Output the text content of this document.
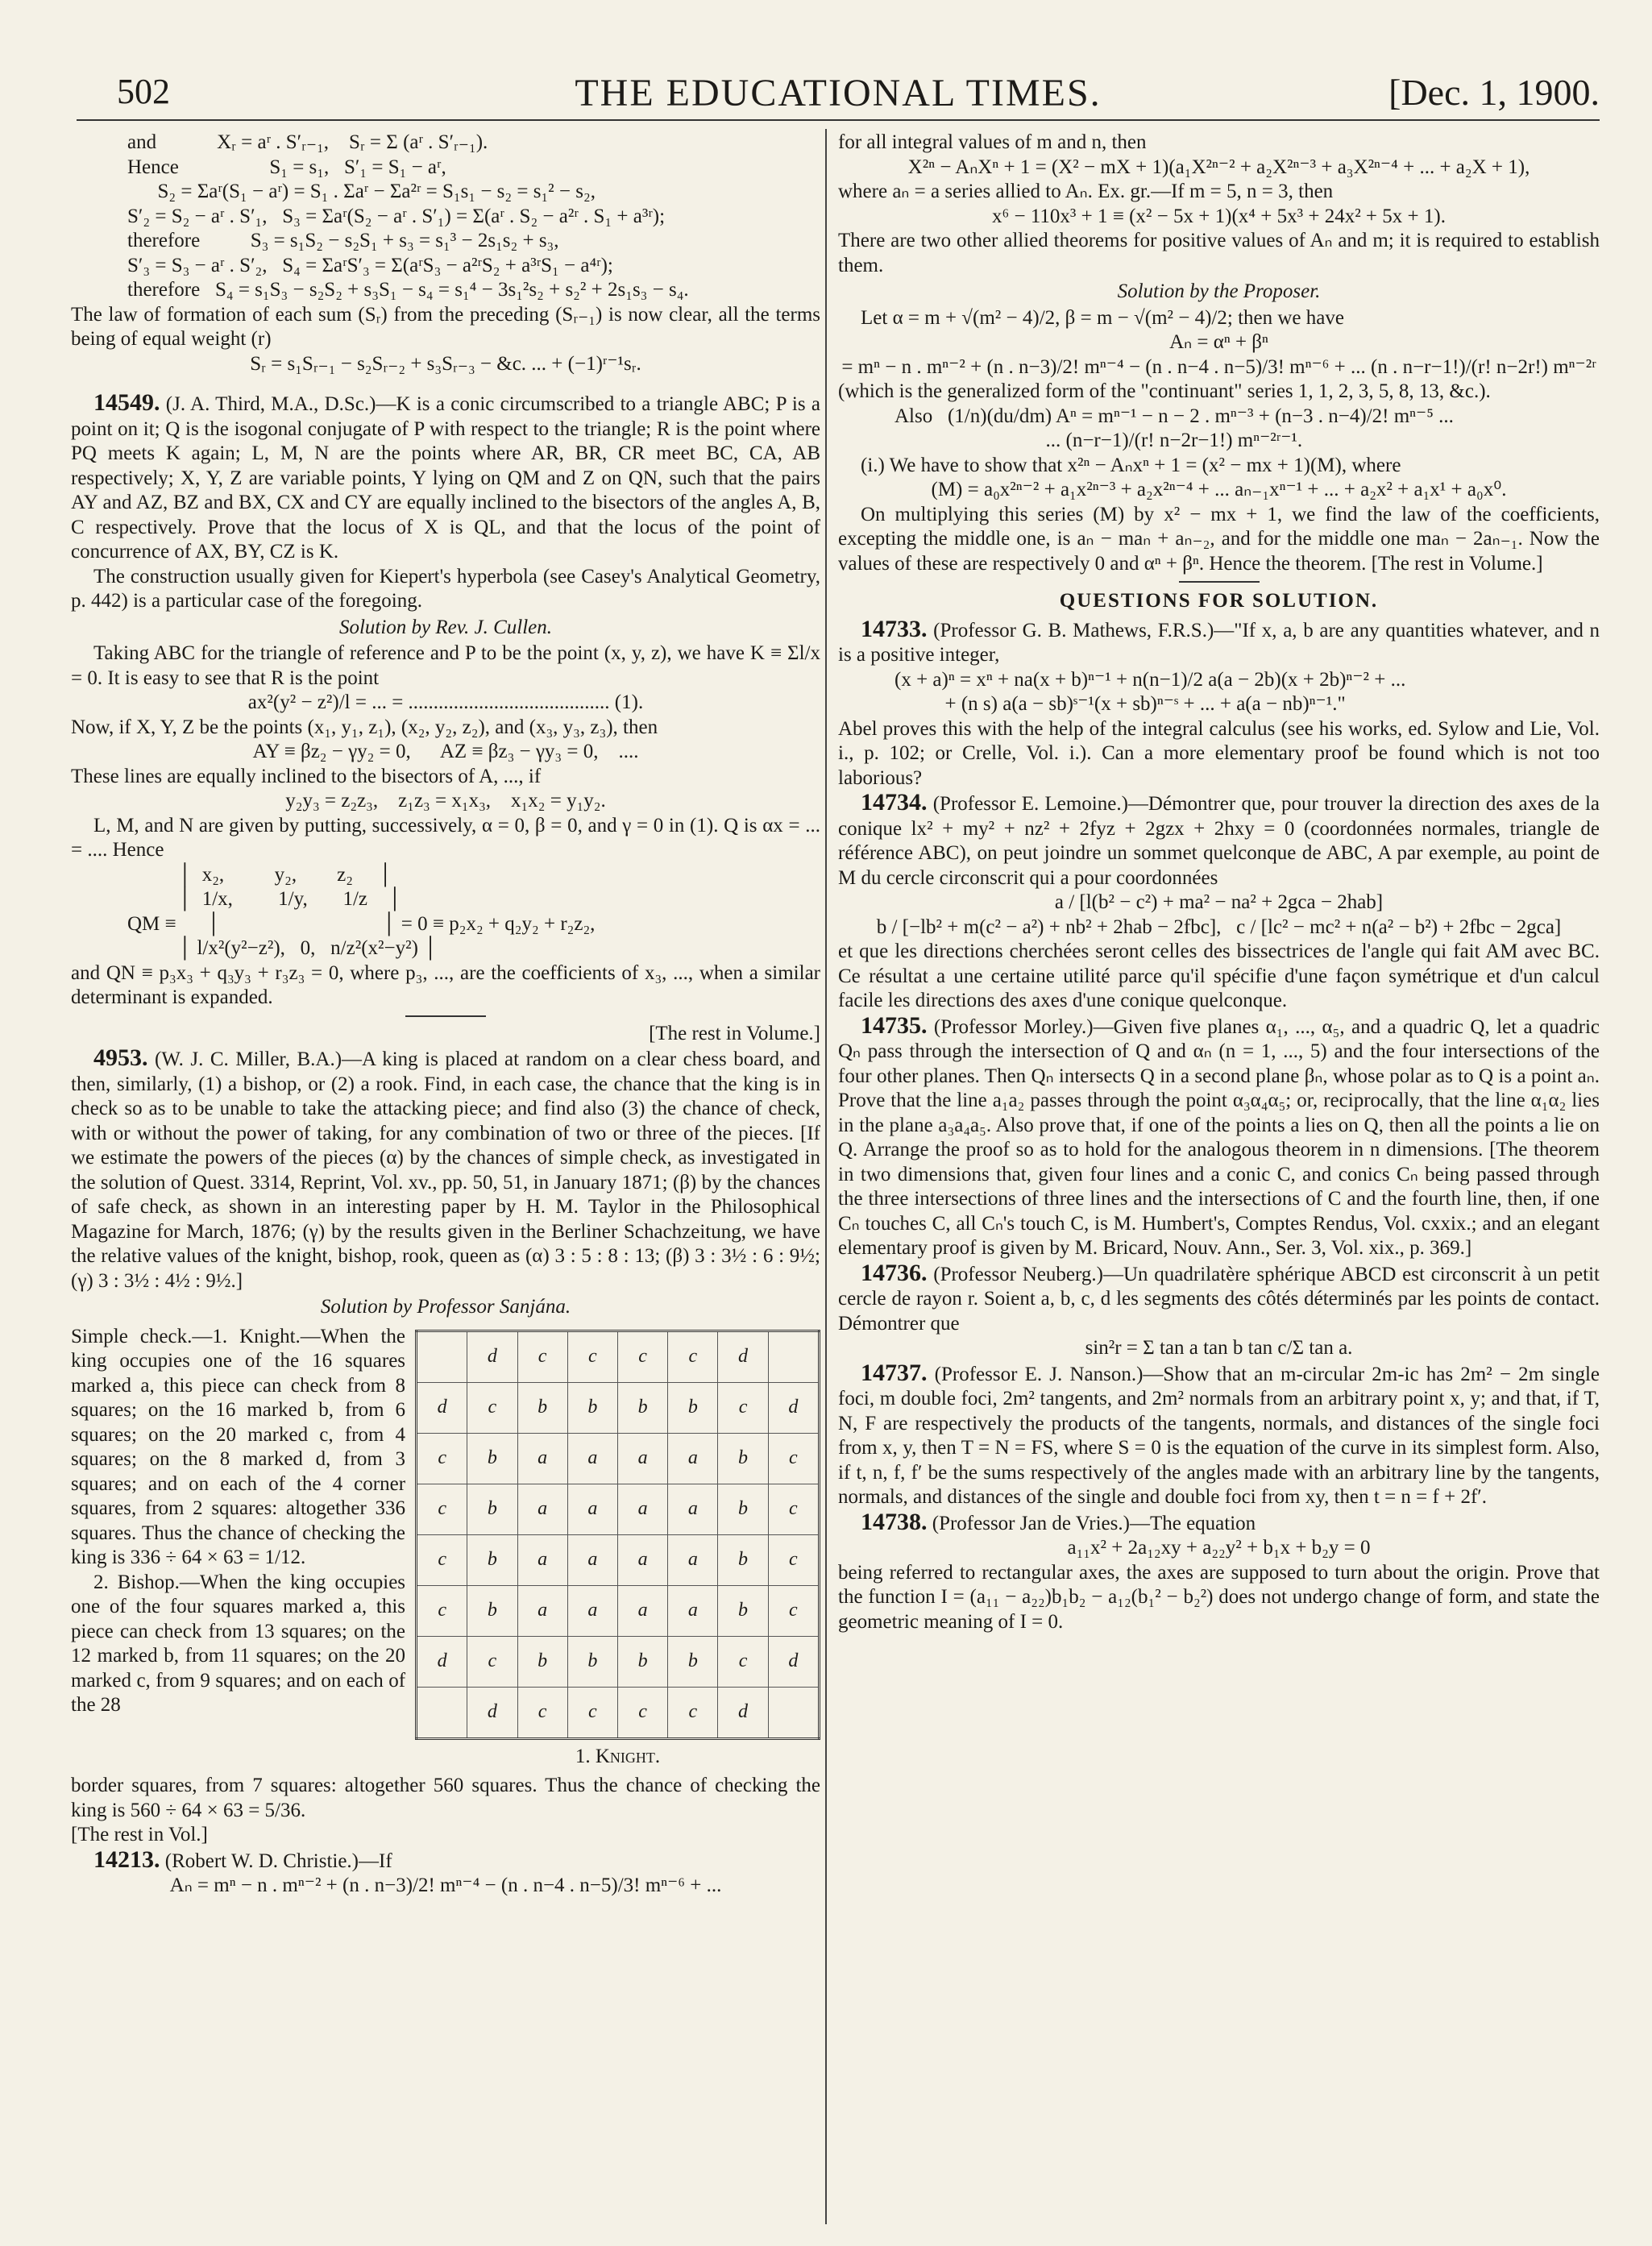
502	THE EDUCATIONAL TIMES.	[Dec. 1, 1900.

and            Xᵣ = aʳ . S′ᵣ₋₁,    Sᵣ = Σ (aʳ . S′ᵣ₋₁).

Hence                  S₁ = s₁,   S′₁ = S₁ − aʳ,

S₂ = Σaʳ(S₁ − aʳ) = S₁ . Σaʳ − Σa²ʳ = S₁s₁ − s₂ = s₁² − s₂,

S′₂ = S₂ − aʳ . S′₁,   S₃ = Σaʳ(S₂ − aʳ . S′₁) = Σ(aʳ . S₂ − a²ʳ . S₁ + a³ʳ);

therefore          S₃ = s₁S₂ − s₂S₁ + s₃ = s₁³ − 2s₁s₂ + s₃,

S′₃ = S₃ − aʳ . S′₂,   S₄ = ΣaʳS′₃ = Σ(aʳS₃ − a²ʳS₂ + a³ʳS₁ − a⁴ʳ);

therefore   S₄ = s₁S₃ − s₂S₂ + s₃S₁ − s₄ = s₁⁴ − 3s₁²s₂ + s₂² + 2s₁s₃ − s₄.

The law of formation of each sum (Sᵣ) from the preceding (Sᵣ₋₁) is now clear, all the terms being of equal weight (r)

Sᵣ = s₁Sᵣ₋₁ − s₂Sᵣ₋₂ + s₃Sᵣ₋₃ − &c. ... + (−1)ʳ⁻¹sᵣ.

14549. (J. A. Third, M.A., D.Sc.)—K is a conic circumscribed to a triangle ABC; P is a point on it; Q is the isogonal conjugate of P with respect to the triangle; R is the point where PQ meets K again; L, M, N are the points where AR, BR, CR meet BC, CA, AB respectively; X, Y, Z are variable points, Y lying on QM and Z on QN, such that the pairs AY and AZ, BZ and BX, CX and CY are equally inclined to the bisectors of the angles A, B, C respectively. Prove that the locus of X is QL, and that the locus of the point of concurrence of AX, BY, CZ is K.

The construction usually given for Kiepert's hyperbola (see Casey's Analytical Geometry, p. 442) is a particular case of the foregoing.

Solution by Rev. J. Cullen.

Taking ABC for the triangle of reference and P to be the point (x, y, z), we have K ≡ Σl/x = 0. It is easy to see that R is the point

ax²(y² − z²)/l = ... = ........................................ (1).

Now, if X, Y, Z be the points (x₁, y₁, z₁), (x₂, y₂, z₂), and (x₃, y₃, z₃), then

AY ≡ βz₂ − γy₂ = 0,      AZ ≡ βz₃ − γy₃ = 0,    ....

These lines are equally inclined to the bisectors of A, ..., if

y₂y₃ = z₂z₃,    z₁z₃ = x₁x₃,    x₁x₂ = y₁y₂.

L, M, and N are given by putting, successively, α = 0, β = 0, and γ = 0 in (1). Q is αx = ... = .... Hence

│  x₂,          y₂,        z₂     │

│  1/x,         1/y,       1/z    │

QM ≡      │                                │ = 0 ≡ p₂x₂ + q₂y₂ + r₂z₂,

│ l/x²(y²−z²),   0,   n/z²(x²−y²) │

and QN ≡ p₃x₃ + q₃y₃ + r₃z₃ = 0, where p₃, ..., are the coefficients of x₃, ..., when a similar determinant is expanded.

[The rest in Volume.]

4953. (W. J. C. Miller, B.A.)—A king is placed at random on a clear chess board, and then, similarly, (1) a bishop, or (2) a rook. Find, in each case, the chance that the king is in check so as to be unable to take the attacking piece; and find also (3) the chance of check, with or without the power of taking, for any combination of two or three of the pieces. [If we estimate the powers of the pieces (α) by the chances of simple check, as investigated in the solution of Quest. 3314, Reprint, Vol. xv., pp. 50, 51, in January 1871; (β) by the chances of safe check, as shown in an interesting paper by H. M. Taylor in the Philosophical Magazine for March, 1876; (γ) by the results given in the Berliner Schachzeitung, we have the relative values of the knight, bishop, rook, queen as (α) 3 : 5 : 8 : 13; (β) 3 : 3½ : 6 : 9½; (γ) 3 : 3½ : 4½ : 9½.]

Solution by Professor Sanjána.

Simple check.—1. Knight.—When the king occupies one of the 16 squares marked a, this piece can check from 8 squares; on the 16 marked b, from 6 squares; on the 20 marked c, from 4 squares; on the 8 marked d, from 3 squares; and on each of the 4 corner squares, from 2 squares: altogether 336 squares. Thus the chance of checking the king is 336 ÷ 64 × 63 = 1/12.

2. Bishop.—When the king occupies one of the four squares marked a, this piece can check from 13 squares; on the 12 marked b, from 11 squares; on the 20 marked c, from 9 squares; and on each of the 28

	d	c	c	c	c	d	
d	c	b	b	b	b	c	d
c	b	a	a	a	a	b	c
c	b	a	a	a	a	b	c
c	b	a	a	a	a	b	c
c	b	a	a	a	a	b	c
d	c	b	b	b	b	c	d
	d	c	c	c	c	d	
1. Knight.

border squares, from 7 squares: altogether 560 squares. Thus the chance of checking the king is 560 ÷ 64 × 63 = 5/36.

[The rest in Vol.]

14213. (Robert W. D. Christie.)—If

Aₙ = mⁿ − n . mⁿ⁻² + (n . n−3)/2! mⁿ⁻⁴ − (n . n−4 . n−5)/3! mⁿ⁻⁶ + ...

for all integral values of m and n, then

X²ⁿ − AₙXⁿ + 1 = (X² − mX + 1)(a₁X²ⁿ⁻² + a₂X²ⁿ⁻³ + a₃X²ⁿ⁻⁴ + ... + a₂X + 1),

where aₙ = a series allied to Aₙ. Ex. gr.—If m = 5, n = 3, then

x⁶ − 110x³ + 1 ≡ (x² − 5x + 1)(x⁴ + 5x³ + 24x² + 5x + 1).

There are two other allied theorems for positive values of Aₙ and m; it is required to establish them.

Solution by the Proposer.

Let α = m + √(m² − 4)/2, β = m − √(m² − 4)/2; then we have

Aₙ = αⁿ + βⁿ

= mⁿ − n . mⁿ⁻² + (n . n−3)/2! mⁿ⁻⁴ − (n . n−4 . n−5)/3! mⁿ⁻⁶ + ... (n . n−r−1!)/(r! n−2r!) mⁿ⁻²ʳ

(which is the generalized form of the "continuant" series 1, 1, 2, 3, 5, 8, 13, &c.).

Also   (1/n)(du/dm) Aⁿ = mⁿ⁻¹ − n − 2 . mⁿ⁻³ + (n−3 . n−4)/2! mⁿ⁻⁵ ...

... (n−r−1)/(r! n−2r−1!) mⁿ⁻²ʳ⁻¹.

(i.) We have to show that x²ⁿ − Aₙxⁿ + 1 = (x² − mx + 1)(M), where

(M) = a₀x²ⁿ⁻² + a₁x²ⁿ⁻³ + a₂x²ⁿ⁻⁴ + ... aₙ₋₁xⁿ⁻¹ + ... + a₂x² + a₁x¹ + a₀x⁰.

On multiplying this series (M) by x² − mx + 1, we find the law of the coefficients, excepting the middle one, is aₙ − maₙ + aₙ₋₂, and for the middle one maₙ − 2aₙ₋₁. Now the values of these are respectively 0 and αⁿ + βⁿ. Hence the theorem. [The rest in Volume.]

QUESTIONS FOR SOLUTION.

14733. (Professor G. B. Mathews, F.R.S.)—"If x, a, b are any quantities whatever, and n is a positive integer,

(x + a)ⁿ = xⁿ + na(x + b)ⁿ⁻¹ + n(n−1)/2 a(a − 2b)(x + 2b)ⁿ⁻² + ...

+ (n s) a(a − sb)ˢ⁻¹(x + sb)ⁿ⁻ˢ + ... + a(a − nb)ⁿ⁻¹."

Abel proves this with the help of the integral calculus (see his works, ed. Sylow and Lie, Vol. i., p. 102; or Crelle, Vol. i.). Can a more elementary proof be found which is not too laborious?

14734. (Professor E. Lemoine.)—Démontrer que, pour trouver la direction des axes de la conique lx² + my² + nz² + 2fyz + 2gzx + 2hxy = 0 (coordonnées normales, triangle de référence ABC), on peut joindre un sommet quelconque de ABC, A par exemple, au point de M du cercle circonscrit qui a pour coordonnées

a / [l(b² − c²) + ma² − na² + 2gca − 2hab]

b / [−lb² + m(c² − a²) + nb² + 2hab − 2fbc],   c / [lc² − mc² + n(a² − b²) + 2fbc − 2gca]

et que les directions cherchées seront celles des bissectrices de l'angle qui fait AM avec BC. Ce résultat a une certaine utilité parce qu'il spécifie d'une façon symétrique et d'un calcul facile les directions des axes d'une conique quelconque.

14735. (Professor Morley.)—Given five planes α₁, ..., α₅, and a quadric Q, let a quadric Qₙ pass through the intersection of Q and αₙ (n = 1, ..., 5) and the four intersections of the four other planes. Then Qₙ intersects Q in a second plane βₙ, whose polar as to Q is a point aₙ. Prove that the line a₁a₂ passes through the point α₃α₄α₅; or, reciprocally, that the line α₁α₂ lies in the plane a₃a₄a₅. Also prove that, if one of the points a lies on Q, then all the points a lie on Q. Arrange the proof so as to hold for the analogous theorem in n dimensions. [The theorem in two dimensions that, given four lines and a conic C, and conics Cₙ being passed through the three intersections of three lines and the intersections of C and the fourth line, then, if one Cₙ touches C, all Cₙ's touch C, is M. Humbert's, Comptes Rendus, Vol. cxxix.; and an elegant elementary proof is given by M. Bricard, Nouv. Ann., Ser. 3, Vol. xix., p. 369.]

14736. (Professor Neuberg.)—Un quadrilatère sphérique ABCD est circonscrit à un petit cercle de rayon r. Soient a, b, c, d les segments des côtés déterminés par les points de contact. Démontrer que

sin²r = Σ tan a tan b tan c/Σ tan a.

14737. (Professor E. J. Nanson.)—Show that an m-circular 2m-ic has 2m² − 2m single foci, m double foci, 2m² tangents, and 2m² normals from an arbitrary point x, y; and that, if T, N, F are respectively the products of the tangents, normals, and distances of the single foci from x, y, then T = N = FS, where S = 0 is the equation of the curve in its simplest form. Also, if t, n, f, f′ be the sums respectively of the angles made with an arbitrary line by the tangents, normals, and distances of the single and double foci from xy, then t = n = f + 2f′.

14738. (Professor Jan de Vries.)—The equation

a₁₁x² + 2a₁₂xy + a₂₂y² + b₁x + b₂y = 0

being referred to rectangular axes, the axes are supposed to turn about the origin. Prove that the function I = (a₁₁ − a₂₂)b₁b₂ − a₁₂(b₁² − b₂²) does not undergo change of form, and state the geometric meaning of I = 0.
